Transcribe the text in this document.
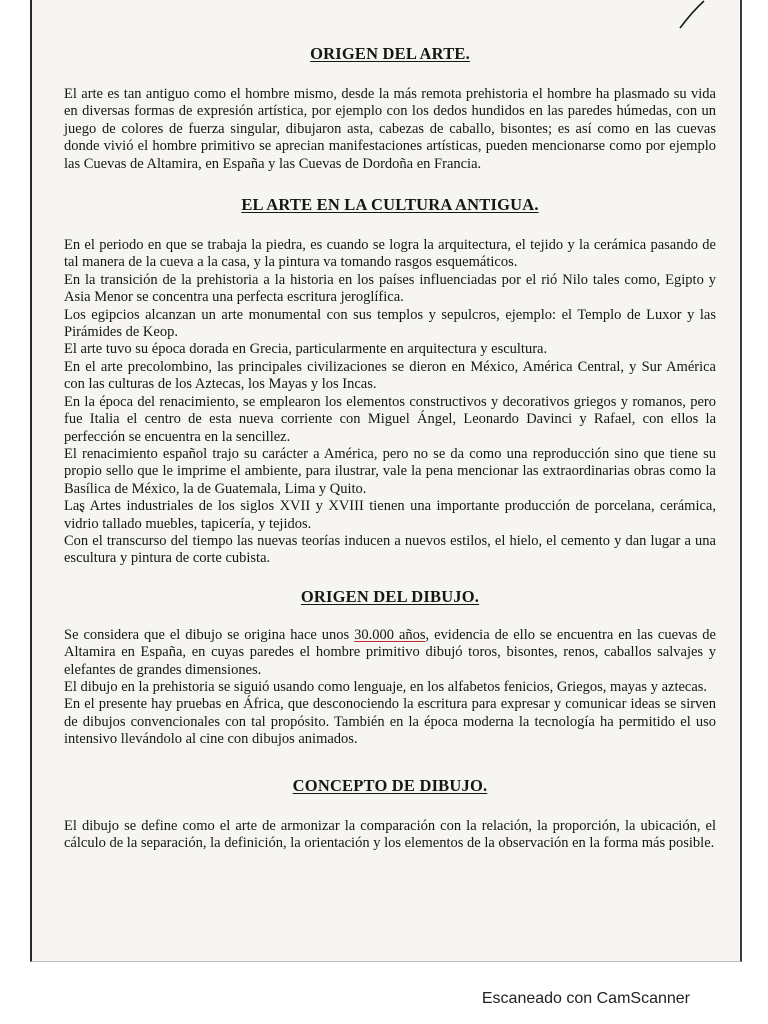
ORIGEN DEL ARTE.

El arte es tan antiguo como el hombre mismo, desde la más remota prehistoria el hombre ha plasmado su vida en diversas formas de expresión artística, por ejemplo con los dedos hundidos en las paredes húmedas, con un juego de colores de fuerza singular, dibujaron asta, cabezas de caballo, bisontes; es así como en las cuevas donde vivió el hombre primitivo se aprecian manifestaciones artísticas, pueden mencionarse como por ejemplo las Cuevas de Altamira, en España y las Cuevas de Dordoña en Francia.

EL ARTE EN LA CULTURA ANTIGUA.

En el periodo en que se trabaja la piedra, es cuando se logra la arquitectura, el tejido y la cerámica pasando de tal manera de la cueva a la casa, y la pintura va tomando rasgos esquemáticos.

En la transición de la prehistoria a la historia en los países influenciadas por el rió Nilo tales como, Egipto y Asia Menor se concentra una perfecta escritura jeroglífica.

Los egipcios alcanzan un arte monumental con sus templos y sepulcros, ejemplo: el Templo de Luxor y las Pirámides de Keop.

El arte tuvo su época dorada en Grecia, particularmente en arquitectura y escultura.

En el arte precolombino, las principales civilizaciones se dieron en México, América Central, y Sur América con las culturas de los Aztecas, los Mayas y los Incas.

En la época del renacimiento, se emplearon los elementos constructivos y decorativos griegos y romanos, pero fue Italia el centro de esta nueva corriente con Miguel Ángel, Leonardo Davinci y Rafael, con ellos la perfección se encuentra en la sencillez.

El renacimiento español trajo su carácter a América, pero no se da como una reproducción sino que tiene su propio sello que le imprime el ambiente, para ilustrar, vale la pena mencionar las extraordinarias obras como la Basílica de México, la de Guatemala, Lima y Quito.

Las Artes industriales de los siglos XVII y XVIII tienen una importante producción de porcelana, cerámica, vidrio tallado muebles, tapicería, y tejidos.

Con el transcurso del tiempo las nuevas teorías inducen a nuevos estilos, el hielo, el cemento y dan lugar a una escultura y pintura de corte cubista.

ORIGEN DEL DIBUJO.

Se considera que el dibujo se origina hace unos 30.000 años, evidencia de ello se encuentra en las cuevas de Altamira en España, en cuyas paredes el hombre primitivo dibujó toros, bisontes, renos, caballos salvajes y elefantes de grandes dimensiones.

El dibujo en la prehistoria se siguió usando como lenguaje, en los alfabetos fenicios, Griegos, mayas y aztecas.

En el presente hay pruebas en África, que desconociendo la escritura para expresar y comunicar ideas se sirven de dibujos convencionales con tal propósito. También en la época moderna la tecnología ha permitido el uso intensivo llevándolo al cine con dibujos animados.

CONCEPTO DE DIBUJO.

El dibujo se define como el arte de armonizar la comparación con la relación, la proporción, la ubicación, el cálculo de la separación, la definición, la orientación y los elementos de la observación en la forma más posible.

Escaneado con CamScanner
